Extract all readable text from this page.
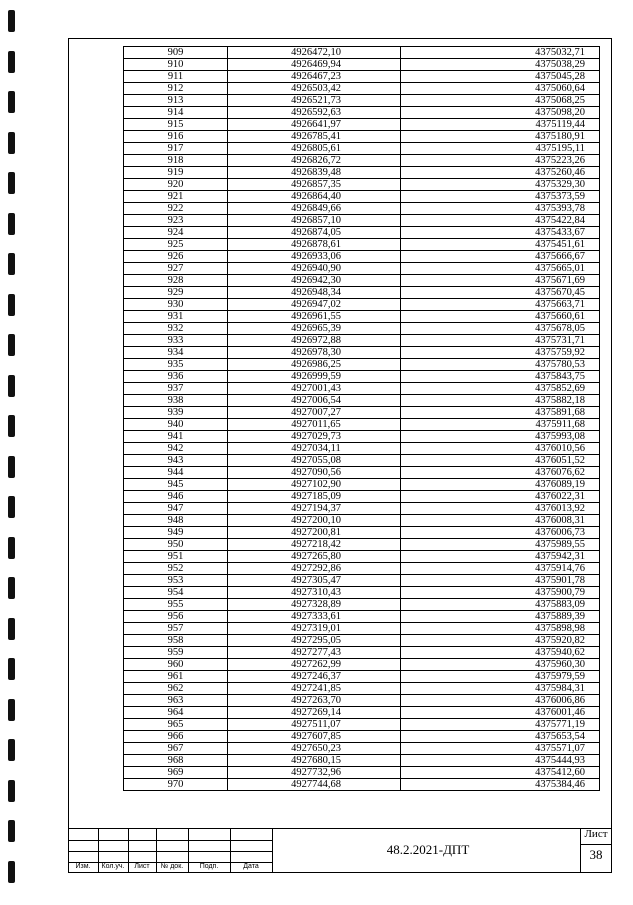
909	4926472,10	4375032,71
910	4926469,94	4375038,29
911	4926467,23	4375045,28
912	4926503,42	4375060,64
913	4926521,73	4375068,25
914	4926592,63	4375098,20
915	4926641,97	4375119,44
916	4926785,41	4375180,91
917	4926805,61	4375195,11
918	4926826,72	4375223,26
919	4926839,48	4375260,46
920	4926857,35	4375329,30
921	4926864,40	4375373,59
922	4926849,66	4375393,78
923	4926857,10	4375422,84
924	4926874,05	4375433,67
925	4926878,61	4375451,61
926	4926933,06	4375666,67
927	4926940,90	4375665,01
928	4926942,30	4375671,69
929	4926948,34	4375670,45
930	4926947,02	4375663,71
931	4926961,55	4375660,61
932	4926965,39	4375678,05
933	4926972,88	4375731,71
934	4926978,30	4375759,92
935	4926986,25	4375780,53
936	4926999,59	4375843,75
937	4927001,43	4375852,69
938	4927006,54	4375882,18
939	4927007,27	4375891,68
940	4927011,65	4375911,68
941	4927029,73	4375993,08
942	4927034,11	4376010,56
943	4927055,08	4376051,52
944	4927090,56	4376076,62
945	4927102,90	4376089,19
946	4927185,09	4376022,31
947	4927194,37	4376013,92
948	4927200,10	4376008,31
949	4927200,81	4376006,73
950	4927218,42	4375989,55
951	4927265,80	4375942,31
952	4927292,86	4375914,76
953	4927305,47	4375901,78
954	4927310,43	4375900,79
955	4927328,89	4375883,09
956	4927333,61	4375889,39
957	4927319,01	4375898,98
958	4927295,05	4375920,82
959	4927277,43	4375940,62
960	4927262,99	4375960,30
961	4927246,37	4375979,59
962	4927241,85	4375984,31
963	4927263,70	4376006,86
964	4927269,14	4376001,46
965	4927511,07	4375771,19
966	4927607,85	4375653,54
967	4927650,23	4375571,07
968	4927680,15	4375444,93
969	4927732,96	4375412,60
970	4927744,68	4375384,46
Изм.	Кол.уч.	Лист	№ док.	Подп.	Дата
48.2.2021-ДПТ
Лист
38
